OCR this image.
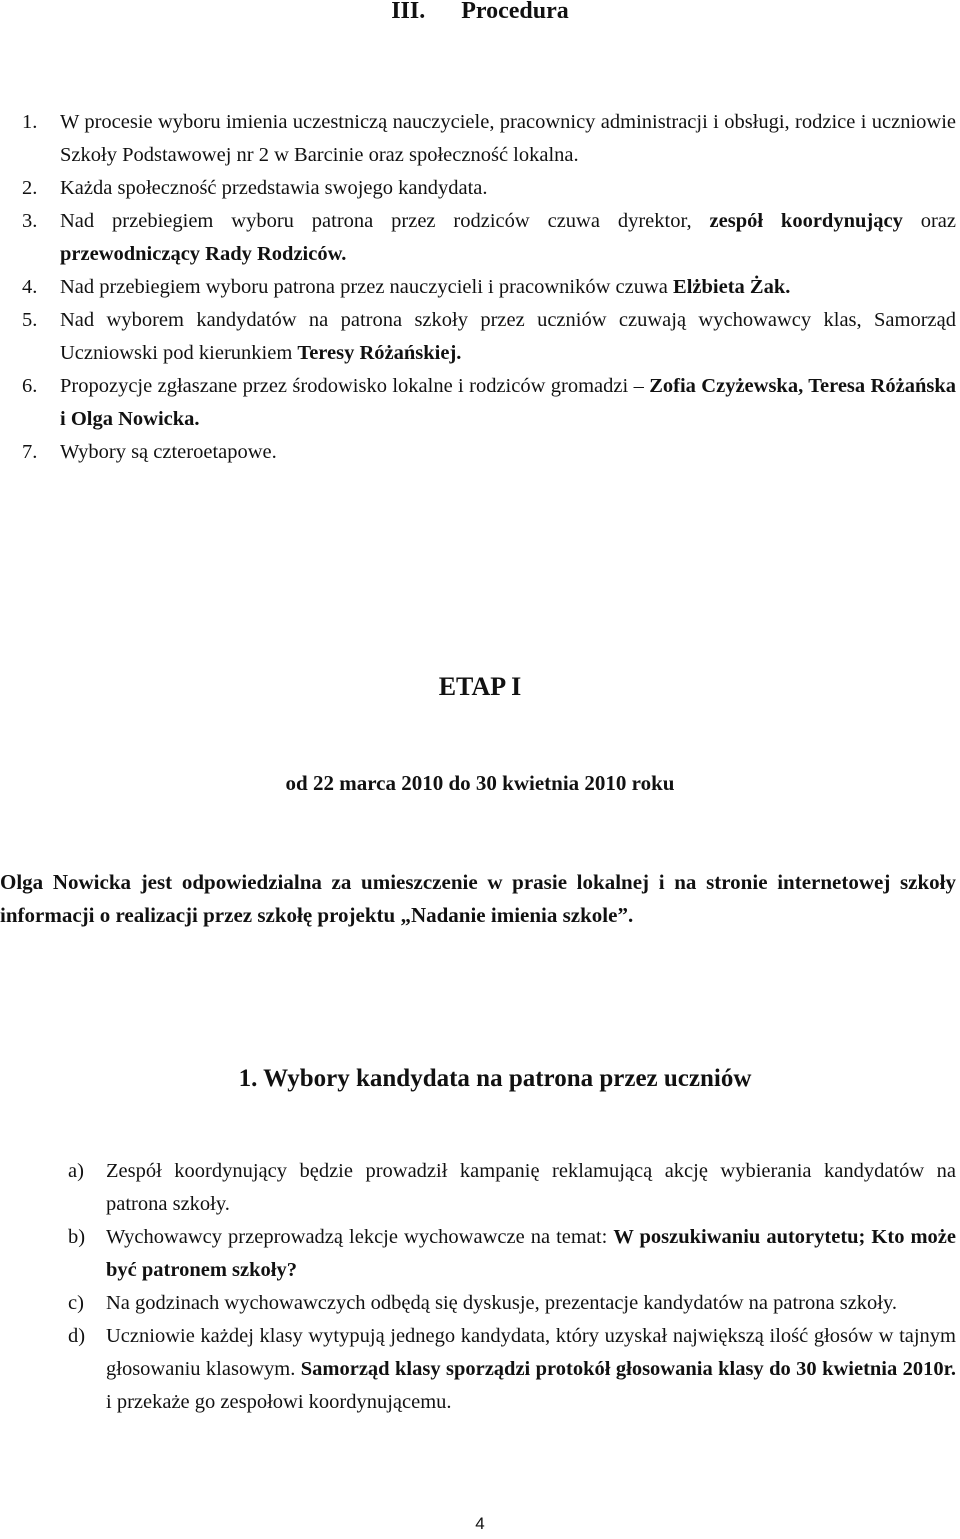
III. Procedura
1. W procesie wyboru imienia uczestniczą nauczyciele, pracownicy administracji i obsługi, rodzice i uczniowie Szkoły Podstawowej nr 2 w Barcinie oraz społeczność lokalna.
2. Każda społeczność przedstawia swojego kandydata.
3. Nad przebiegiem wyboru patrona przez rodziców czuwa dyrektor, zespół koordynujący oraz przewodniczący Rady Rodziców.
4. Nad przebiegiem wyboru patrona przez nauczycieli i pracowników czuwa Elżbieta Żak.
5. Nad wyborem kandydatów na patrona szkoły przez uczniów czuwają wychowawcy klas, Samorząd Uczniowski pod kierunkiem Teresy Różańskiej.
6. Propozycje zgłaszane przez środowisko lokalne i rodziców gromadzi – Zofia Czyżewska, Teresa Różańska i Olga Nowicka.
7. Wybory są czteroetapowe.
ETAP I
od 22 marca 2010 do 30 kwietnia 2010 roku
Olga Nowicka jest odpowiedzialna za umieszczenie w prasie lokalnej i na stronie internetowej szkoły informacji o realizacji przez szkołę projektu „Nadanie imienia szkole”.
1. Wybory kandydata na patrona przez uczniów
a) Zespół koordynujący będzie prowadził kampanię reklamującą akcję wybierania kandydatów na patrona szkoły.
b) Wychowawcy przeprowadzą lekcje wychowawcze na temat: W poszukiwaniu autorytetu; Kto może być patronem szkoły?
c) Na godzinach wychowawczych odbędą się dyskusje, prezentacje kandydatów na patrona szkoły.
d) Uczniowie każdej klasy wytypują jednego kandydata, który uzyskał największą ilość głosów w tajnym głosowaniu klasowym. Samorząd klasy sporządzi protokół głosowania klasy do 30 kwietnia 2010r. i przekaże go zespołowi koordynującemu.
4
